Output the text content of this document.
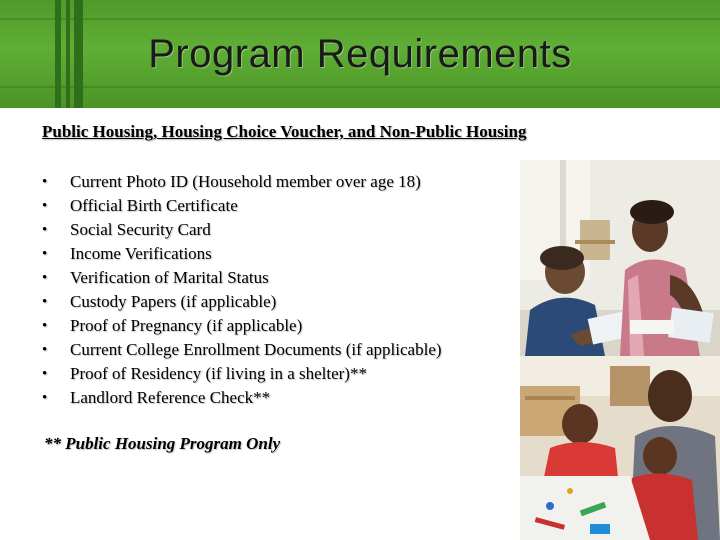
Program Requirements
Public Housing, Housing Choice Voucher, and Non-Public Housing
•	Current Photo ID (Household member over age 18)
•	Official Birth Certificate
•	Social Security Card
•	Income Verifications
•	Verification of Marital Status
•	Custody Papers (if applicable)
•	Proof of Pregnancy (if applicable)
•	Current College Enrollment Documents (if applicable)
•	Proof of Residency (if living in a shelter)**
•	Landlord Reference Check**
** Public Housing Program Only
